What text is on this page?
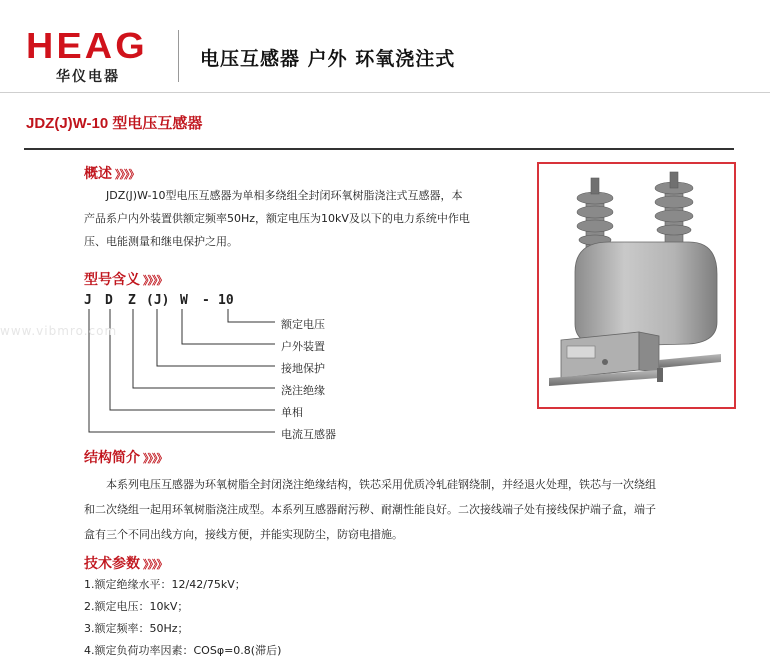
HEAG
华仪电器
电压互感器 户外 环氧浇注式
JDZ(J)W-10 型电压互感器
概述 》》》》
JDZ(J)W-10型电压互感器为单相多绕组全封闭环氧树脂浇注式互感器，本
产品系户内外装置供额定频率50Hz，额定电压为10kV及以下的电力系统中作电
压、电能测量和继电保护之用。
型号含义 》》》》
J D Z (J) W - 10
额定电压
户外装置
接地保护
浇注绝缘
单相
电流互感器
www.vibmro.com
结构简介 》》》》
本系列电压互感器为环氧树脂全封闭浇注绝缘结构，铁芯采用优质冷轧硅钢绕制，并经退火处理，铁芯与一次绕组
和二次绕组一起用环氧树脂浇注成型。本系列互感器耐污秽、耐潮性能良好。二次接线端子处有接线保护端子盒，端子
盒有三个不同出线方向，接线方便，并能实现防尘，防窃电措施。
技术参数 》》》》
1.额定绝缘水平：12/42/75kV；
2.额定电压：10kV；
3.额定频率：50Hz；
4.额定负荷功率因素：COSφ=0.8(滞后)
